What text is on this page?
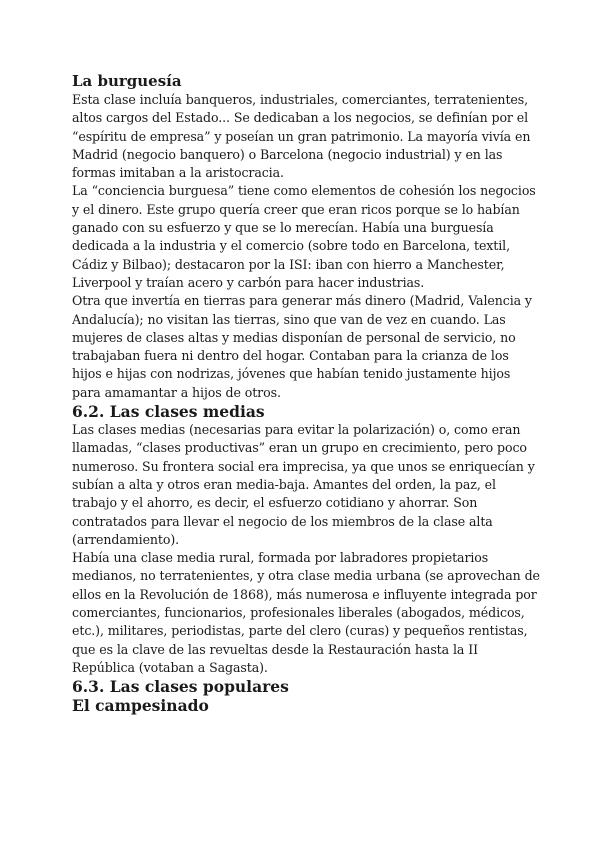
La burguesía

Esta clase incluía banqueros, industriales, comerciantes, terratenientes, altos cargos del Estado... Se dedicaban a los negocios, se definían por el “espíritu de empresa” y poseían un gran patrimonio. La mayoría vivía en Madrid (negocio banquero) o Barcelona (negocio industrial) y en las formas imitaban a la aristocracia.

La “conciencia burguesa” tiene como elementos de cohesión los negocios y el dinero. Este grupo quería creer que eran ricos porque se lo habían ganado con su esfuerzo y que se lo merecían. Había una burguesía dedicada a la industria y el comercio (sobre todo en Barcelona, textil, Cádiz y Bilbao); destacaron por la ISI: iban con hierro a Manchester, Liverpool y traían acero y carbón para hacer industrias.

Otra que invertía en tierras para generar más dinero (Madrid, Valencia y Andalucía); no visitan las tierras, sino que van de vez en cuando. Las mujeres de clases altas y medias disponían de personal de servicio, no trabajaban fuera ni dentro del hogar. Contaban para la crianza de los hijos e hijas con nodrizas, jóvenes que habían tenido justamente hijos para amamantar a hijos de otros.

6.2. Las clases medias

Las clases medias (necesarias para evitar la polarización) o, como eran llamadas, “clases productivas” eran un grupo en crecimiento, pero poco numeroso. Su frontera social era imprecisa, ya que unos se enriquecían y subían a alta y otros eran media-baja. Amantes del orden, la paz, el trabajo y el ahorro, es decir, el esfuerzo cotidiano y ahorrar. Son contratados para llevar el negocio de los miembros de la clase alta (arrendamiento).

Había una clase media rural, formada por labradores propietarios medianos, no terratenientes, y otra clase media urbana (se aprovechan de ellos en la Revolución de 1868), más numerosa e influyente integrada por comerciantes, funcionarios, profesionales liberales (abogados, médicos, etc.), militares, periodistas, parte del clero (curas) y pequeños rentistas, que es la clave de las revueltas desde la Restauración hasta la II República (votaban a Sagasta).

6.3. Las clases populares
El campesinado
